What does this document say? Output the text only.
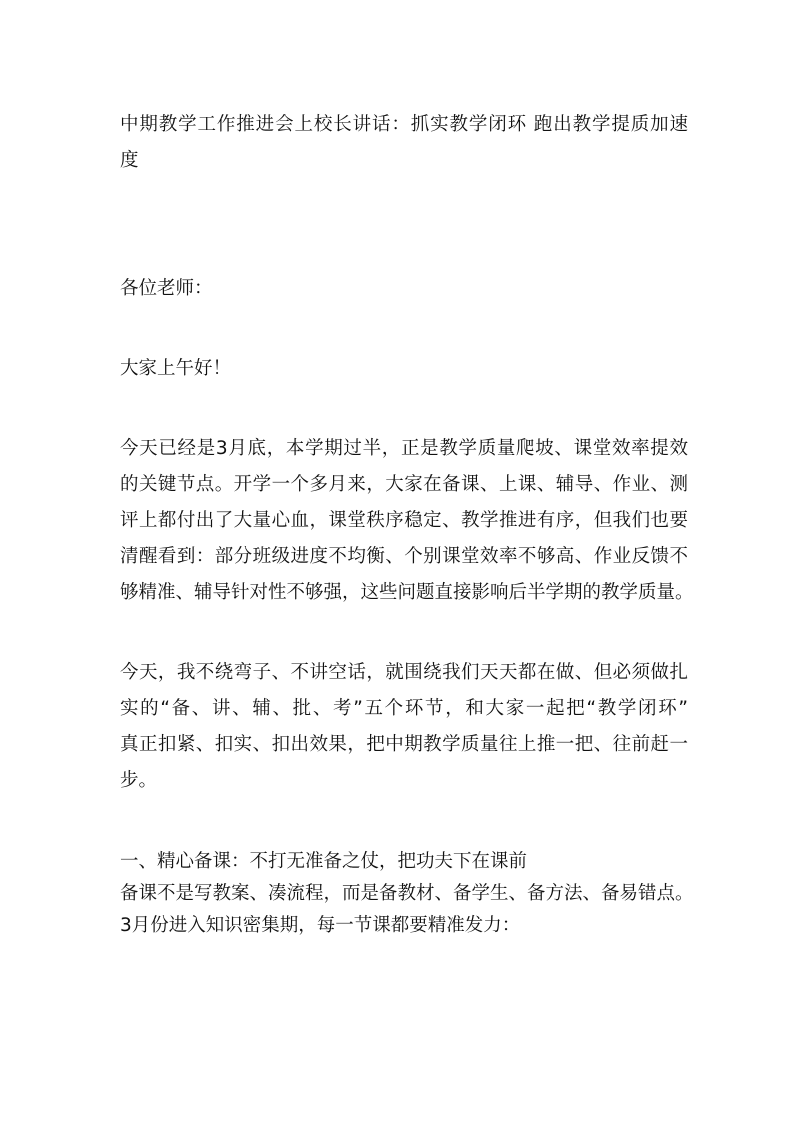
中期教学工作推进会上校长讲话：抓实教学闭环 跑出教学提质加速
度
各位老师：
大家上午好！
今天已经是3月底，本学期过半，正是教学质量爬坡、课堂效率提效
的关键节点。开学一个多月来，大家在备课、上课、辅导、作业、测
评上都付出了大量心血，课堂秩序稳定、教学推进有序，但我们也要
清醒看到：部分班级进度不均衡、个别课堂效率不够高、作业反馈不
够精准、辅导针对性不够强，这些问题直接影响后半学期的教学质量。
今天，我不绕弯子、不讲空话，就围绕我们天天都在做、但必须做扎
实的“备、讲、辅、批、考”五个环节，和大家一起把“教学闭环”
真正扣紧、扣实、扣出效果，把中期教学质量往上推一把、往前赶一
步。
一、精心备课：不打无准备之仗，把功夫下在课前
备课不是写教案、凑流程，而是备教材、备学生、备方法、备易错点。
3月份进入知识密集期，每一节课都要精准发力：
